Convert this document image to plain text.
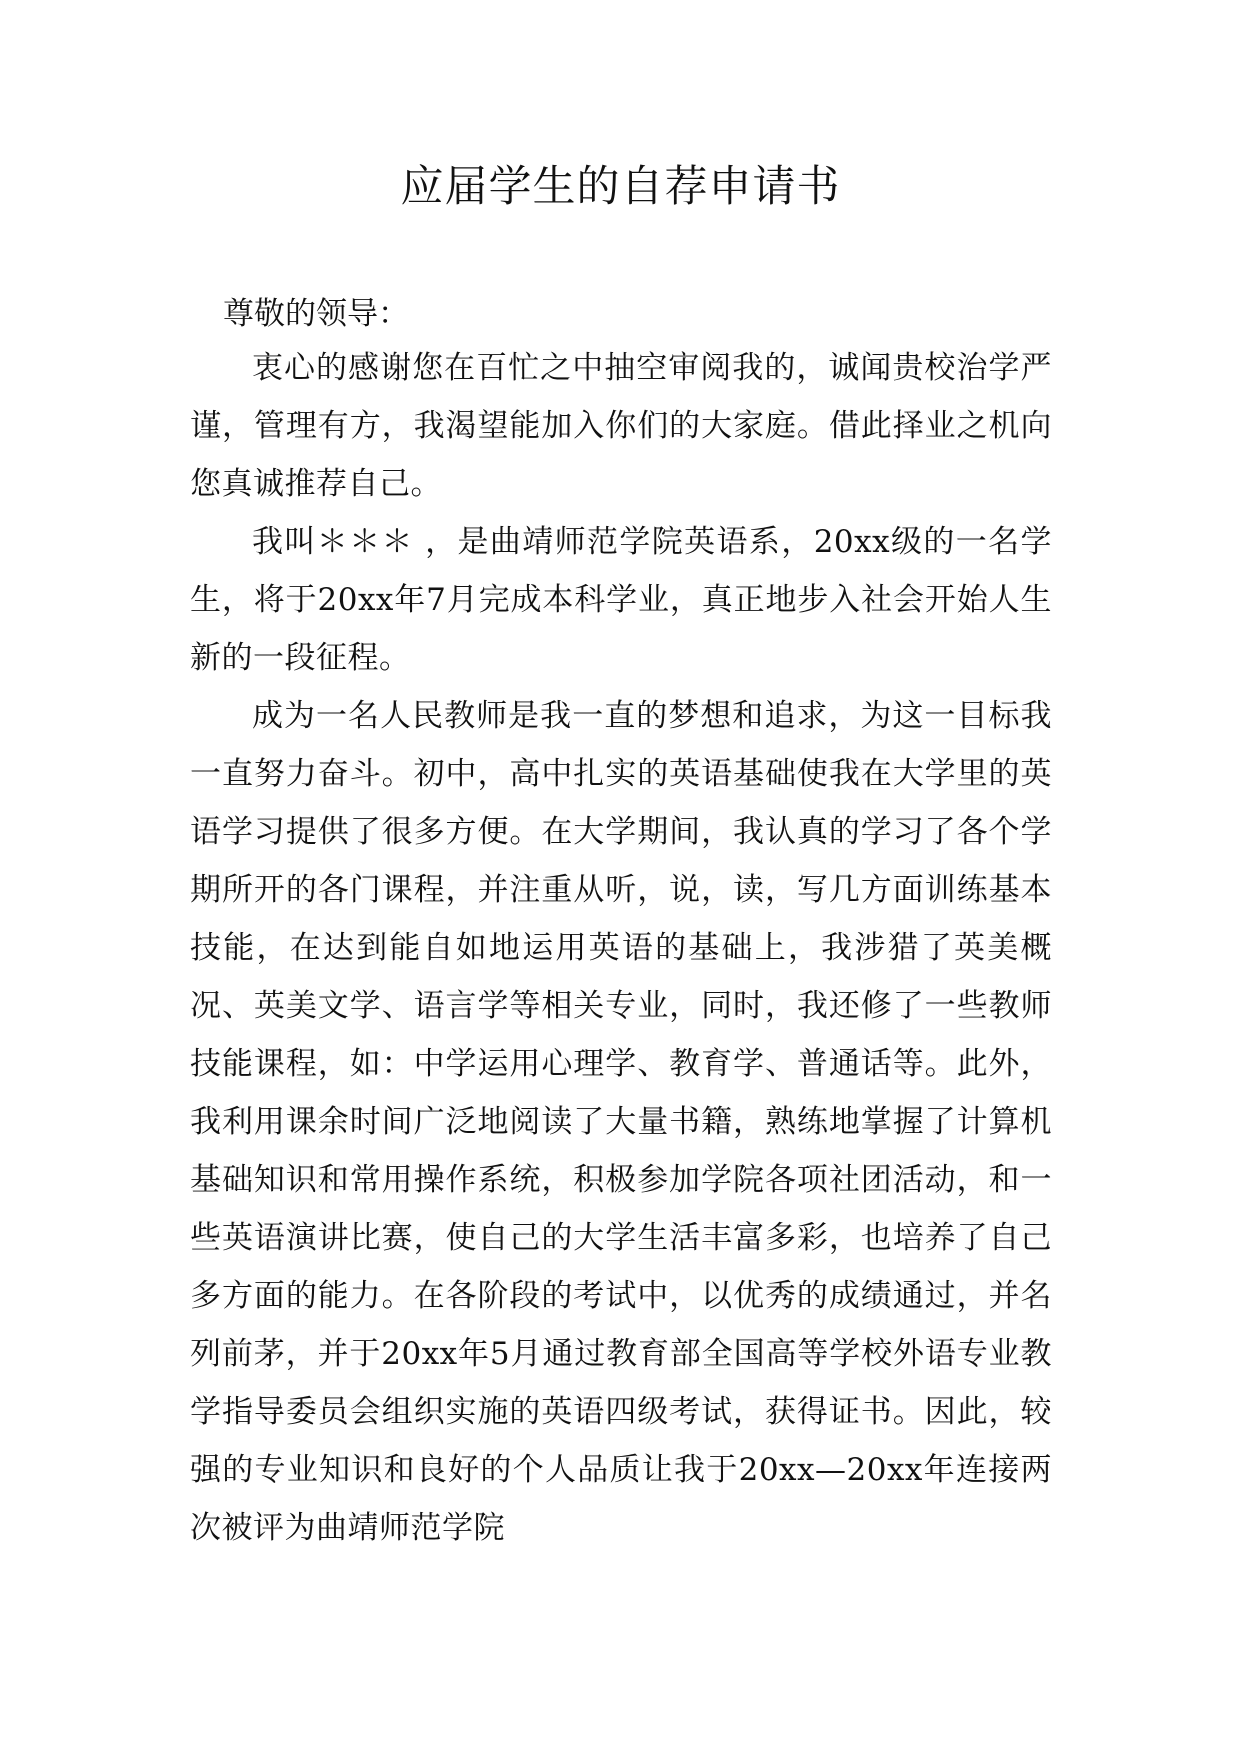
应届学生的自荐申请书

尊敬的领导：

衷心的感谢您在百忙之中抽空审阅我的，诚闻贵校治学严谨，管理有方，我渴望能加入你们的大家庭。借此择业之机向您真诚推荐自己。

我叫＊＊＊ ，是曲靖师范学院英语系，20xx级的一名学生，将于20xx年7月完成本科学业，真正地步入社会开始人生新的一段征程。

成为一名人民教师是我一直的梦想和追求，为这一目标我一直努力奋斗。初中，高中扎实的英语基础使我在大学里的英语学习提供了很多方便。在大学期间，我认真的学习了各个学期所开的各门课程，并注重从听，说，读，写几方面训练基本技能，在达到能自如地运用英语的基础上，我涉猎了英美概况、英美文学、语言学等相关专业，同时，我还修了一些教师技能课程，如：中学运用心理学、教育学、普通话等。此外，我利用课余时间广泛地阅读了大量书籍，熟练地掌握了计算机基础知识和常用操作系统，积极参加学院各项社团活动，和一些英语演讲比赛，使自己的大学生活丰富多彩，也培养了自己多方面的能力。在各阶段的考试中，以优秀的成绩通过，并名列前茅，并于20xx年5月通过教育部全国高等学校外语专业教学指导委员会组织实施的英语四级考试，获得证书。因此，较强的专业知识和良好的个人品质让我于20xx—20xx年连接两次被评为曲靖师范学院
